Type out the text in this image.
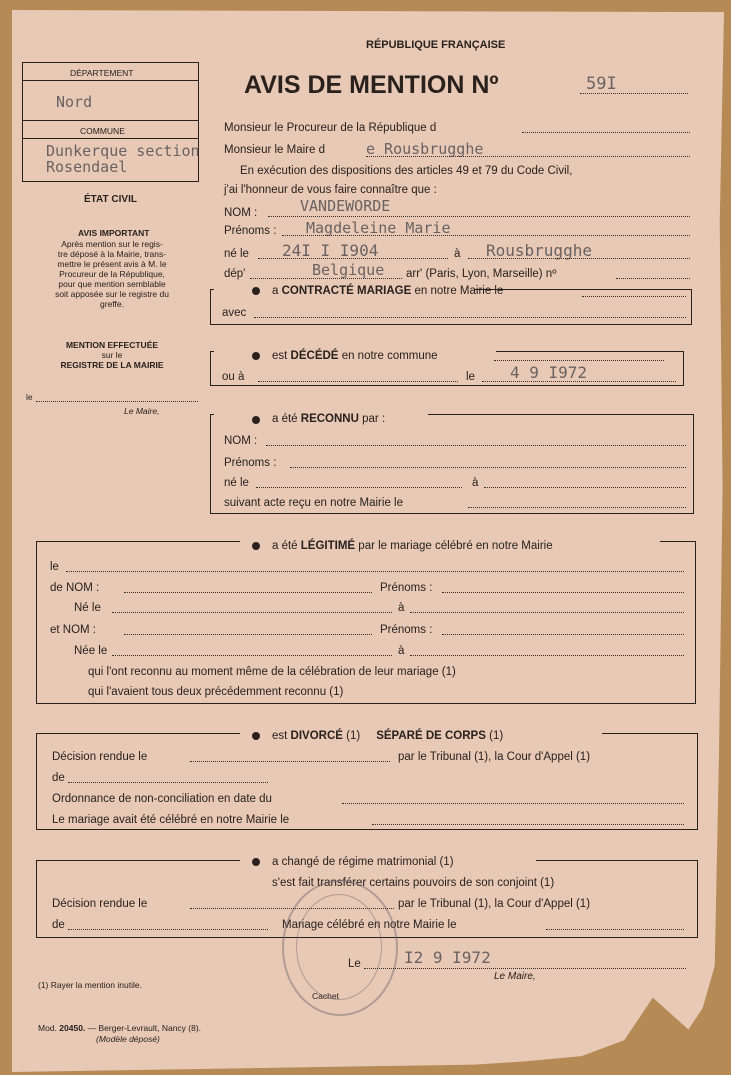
RÉPUBLIQUE FRANÇAISE
AVIS DE MENTION Nº	59I
DÉPARTEMENT
Nord
COMMUNE
Dunkerque section
Rosendael
ÉTAT CIVIL
AVIS IMPORTANT
Après mention sur le regis-
tre déposé à la Mairie, trans-
mettre le présent avis à M. le
Procureur de la République,
pour que mention semblable
soit apposée sur le registre du
greffe.
MENTION EFFECTUÉE
sur le
REGISTRE DE LA MAIRIE
le
Le Maire,
Monsieur le Procureur de la République d
Monsieur le Maire d	e Rousbrugghe
En exécution des dispositions des articles 49 et 79 du Code Civil,
j'ai l'honneur de vous faire connaître que :
NOM :	VANDEWORDE
Prénoms : Magdeleine Marie
né le 24I I I904	à Rousbrugghe
dép'	Belgique arr' (Paris, Lyon, Marseille) nº
a CONTRACTÉ MARIAGE en notre Mairie le
avec
est DÉCÉDÉ en notre commune
ou à	le 4 9 I972
a été RECONNU par :
NOM :
Prénoms :
né le	à
suivant acte reçu en notre Mairie le
a été LÉGITIMÉ par le mariage célébré en notre Mairie
le
de NOM :	Prénoms :
Né le	à
et NOM :	Prénoms :
Née le	à
qui l'ont reconnu au moment même de la célébration de leur mariage (1)
qui l'avaient tous deux précédemment reconnu (1)
est DIVORCÉ (1) SÉPARÉ DE CORPS (1)
Décision rendue le	par le Tribunal (1), la Cour d'Appel (1)
de
Ordonnance de non-conciliation en date du
Le mariage avait été célébré en notre Mairie le
a changé de régime matrimonial (1)
s'est fait transférer certains pouvoirs de son conjoint (1)
Décision rendue le	par le Tribunal (1), la Cour d'Appel (1)
de	Mariage célébré en notre Mairie le
Le	I2 9 I972
Le Maire,
Cachet
(1) Rayer la mention inutile.
Mod. 20450. — Berger-Levrault, Nancy (8).
(Modèle déposé)
